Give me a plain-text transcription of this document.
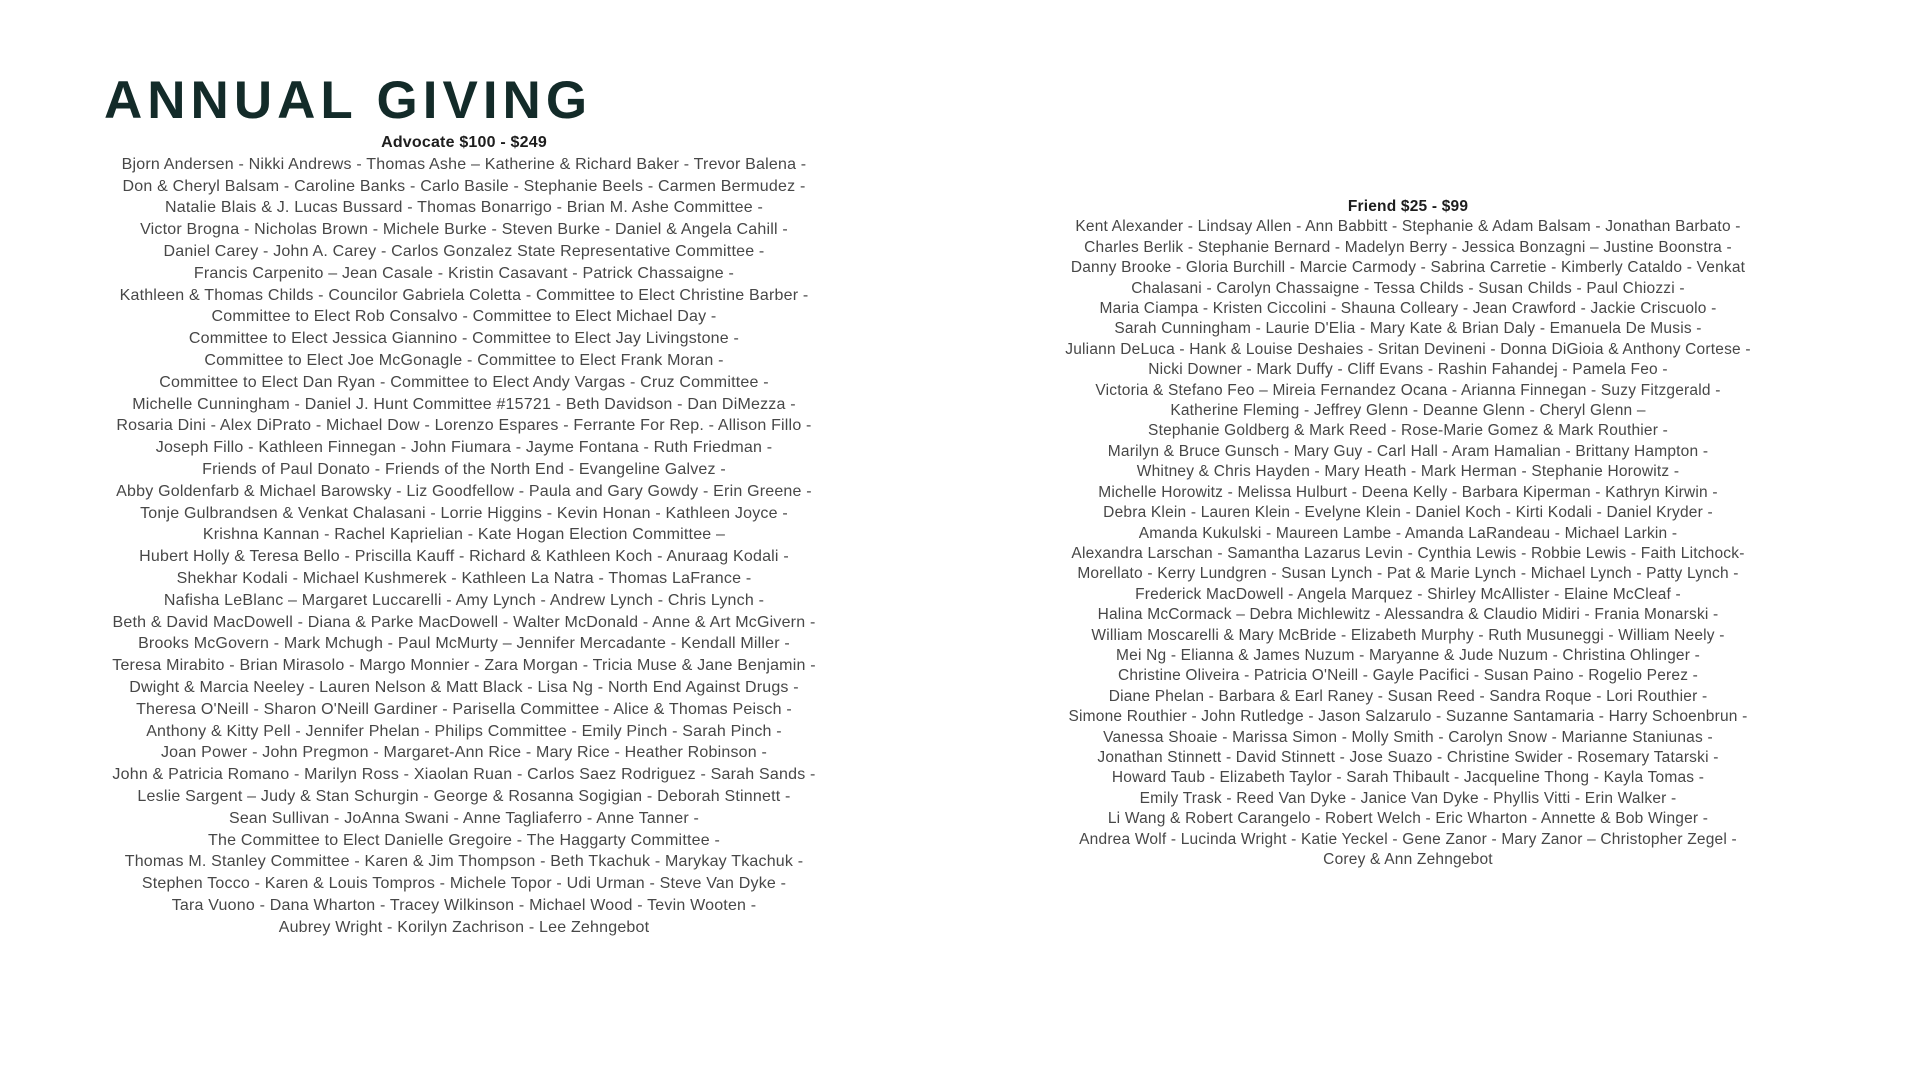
ANNUAL GIVING
Advocate $100 - $249
Bjorn Andersen - Nikki Andrews - Thomas Ashe – Katherine & Richard Baker - Trevor Balena -
Don & Cheryl Balsam - Caroline Banks - Carlo Basile - Stephanie Beels - Carmen Bermudez -
Natalie Blais & J. Lucas Bussard - Thomas Bonarrigo - Brian M. Ashe Committee -
Victor Brogna - Nicholas Brown - Michele Burke - Steven Burke - Daniel & Angela Cahill -
Daniel Carey - John A. Carey - Carlos Gonzalez State Representative Committee -
Francis Carpenito – Jean Casale - Kristin Casavant - Patrick Chassaigne -
Kathleen & Thomas Childs - Councilor Gabriela Coletta - Committee to Elect Christine Barber -
Committee to Elect Rob Consalvo - Committee to Elect Michael Day -
Committee to Elect Jessica Giannino - Committee to Elect Jay Livingstone -
Committee to Elect Joe McGonagle - Committee to Elect Frank Moran -
Committee to Elect Dan Ryan - Committee to Elect Andy Vargas - Cruz Committee -
Michelle Cunningham - Daniel J. Hunt Committee #15721 - Beth Davidson - Dan DiMezza -
Rosaria Dini - Alex DiPrato - Michael Dow - Lorenzo Espares - Ferrante For Rep. - Allison Fillo -
Joseph Fillo - Kathleen Finnegan - John Fiumara - Jayme Fontana - Ruth Friedman -
Friends of Paul Donato - Friends of the North End - Evangeline Galvez -
Abby Goldenfarb & Michael Barowsky - Liz Goodfellow - Paula and Gary Gowdy - Erin Greene -
Tonje Gulbrandsen & Venkat Chalasani - Lorrie Higgins - Kevin Honan - Kathleen Joyce -
Krishna Kannan - Rachel Kaprielian - Kate Hogan Election Committee –
Hubert Holly & Teresa Bello - Priscilla Kauff - Richard & Kathleen Koch - Anuraag Kodali -
Shekhar Kodali - Michael Kushmerek - Kathleen La Natra - Thomas LaFrance -
Nafisha LeBlanc – Margaret Luccarelli - Amy Lynch - Andrew Lynch - Chris Lynch -
Beth & David MacDowell - Diana & Parke MacDowell - Walter McDonald - Anne & Art McGivern -
Brooks McGovern - Mark Mchugh - Paul McMurty – Jennifer Mercadante - Kendall Miller -
Teresa Mirabito - Brian Mirasolo - Margo Monnier - Zara Morgan - Tricia Muse & Jane Benjamin -
Dwight & Marcia Neeley - Lauren Nelson & Matt Black - Lisa Ng - North End Against Drugs -
Theresa O'Neill - Sharon O'Neill Gardiner - Parisella Committee - Alice & Thomas Peisch -
Anthony & Kitty Pell - Jennifer Phelan - Philips Committee - Emily Pinch - Sarah Pinch -
Joan Power - John Pregmon - Margaret-Ann Rice - Mary Rice - Heather Robinson -
John & Patricia Romano - Marilyn Ross - Xiaolan Ruan - Carlos Saez Rodriguez - Sarah Sands -
Leslie Sargent – Judy & Stan Schurgin - George & Rosanna Sogigian - Deborah Stinnett -
Sean Sullivan - JoAnna Swani - Anne Tagliaferro - Anne Tanner -
The Committee to Elect Danielle Gregoire - The Haggarty Committee -
Thomas M. Stanley Committee - Karen & Jim Thompson - Beth Tkachuk - Marykay Tkachuk -
Stephen Tocco - Karen & Louis Tompros - Michele Topor - Udi Urman - Steve Van Dyke -
Tara Vuono - Dana Wharton - Tracey Wilkinson - Michael Wood - Tevin Wooten -
Aubrey Wright - Korilyn Zachrison - Lee Zehngebot
Friend $25 - $99
Kent Alexander - Lindsay Allen - Ann Babbitt - Stephanie & Adam Balsam - Jonathan Barbato -
Charles Berlik - Stephanie Bernard - Madelyn Berry - Jessica Bonzagni – Justine Boonstra -
Danny Brooke - Gloria Burchill - Marcie Carmody - Sabrina Carretie - Kimberly Cataldo - Venkat
Chalasani - Carolyn Chassaigne - Tessa Childs - Susan Childs - Paul Chiozzi -
Maria Ciampa - Kristen Ciccolini - Shauna Colleary - Jean Crawford - Jackie Criscuolo -
Sarah Cunningham - Laurie D'Elia - Mary Kate & Brian Daly - Emanuela De Musis -
Juliann DeLuca - Hank & Louise Deshaies - Sritan Devineni - Donna DiGioia & Anthony Cortese -
Nicki Downer - Mark Duffy - Cliff Evans - Rashin Fahandej - Pamela Feo -
Victoria & Stefano Feo – Mireia Fernandez Ocana - Arianna Finnegan - Suzy Fitzgerald -
Katherine Fleming - Jeffrey Glenn - Deanne Glenn - Cheryl Glenn –
Stephanie Goldberg & Mark Reed - Rose-Marie Gomez & Mark Routhier -
Marilyn & Bruce Gunsch - Mary Guy - Carl Hall - Aram Hamalian - Brittany Hampton -
Whitney & Chris Hayden - Mary Heath - Mark Herman - Stephanie Horowitz -
Michelle Horowitz - Melissa Hulburt - Deena Kelly - Barbara Kiperman - Kathryn Kirwin -
Debra Klein - Lauren Klein - Evelyne Klein - Daniel Koch - Kirti Kodali - Daniel Kryder -
Amanda Kukulski - Maureen Lambe - Amanda LaRandeau - Michael Larkin -
Alexandra Larschan - Samantha Lazarus Levin - Cynthia Lewis - Robbie Lewis - Faith Litchock-
Morellato - Kerry Lundgren - Susan Lynch - Pat & Marie Lynch - Michael Lynch - Patty Lynch -
Frederick MacDowell - Angela Marquez - Shirley McAllister - Elaine McCleaf -
Halina McCormack – Debra Michlewitz - Alessandra & Claudio Midiri - Frania Monarski -
William Moscarelli & Mary McBride - Elizabeth Murphy - Ruth Musuneggi - William Neely -
Mei Ng - Elianna & James Nuzum - Maryanne & Jude Nuzum - Christina Ohlinger -
Christine Oliveira - Patricia O'Neill - Gayle Pacifici - Susan Paino - Rogelio Perez -
Diane Phelan - Barbara & Earl Raney - Susan Reed - Sandra Roque - Lori Routhier -
Simone Routhier - John Rutledge - Jason Salzarulo - Suzanne Santamaria - Harry Schoenbrun -
Vanessa Shoaie - Marissa Simon - Molly Smith - Carolyn Snow - Marianne Staniunas -
Jonathan Stinnett - David Stinnett - Jose Suazo - Christine Swider - Rosemary Tatarski -
Howard Taub - Elizabeth Taylor - Sarah Thibault - Jacqueline Thong - Kayla Tomas -
Emily Trask - Reed Van Dyke - Janice Van Dyke - Phyllis Vitti - Erin Walker -
Li Wang & Robert Carangelo - Robert Welch - Eric Wharton - Annette & Bob Winger -
Andrea Wolf - Lucinda Wright - Katie Yeckel - Gene Zanor - Mary Zanor – Christopher Zegel -
Corey & Ann Zehngebot
